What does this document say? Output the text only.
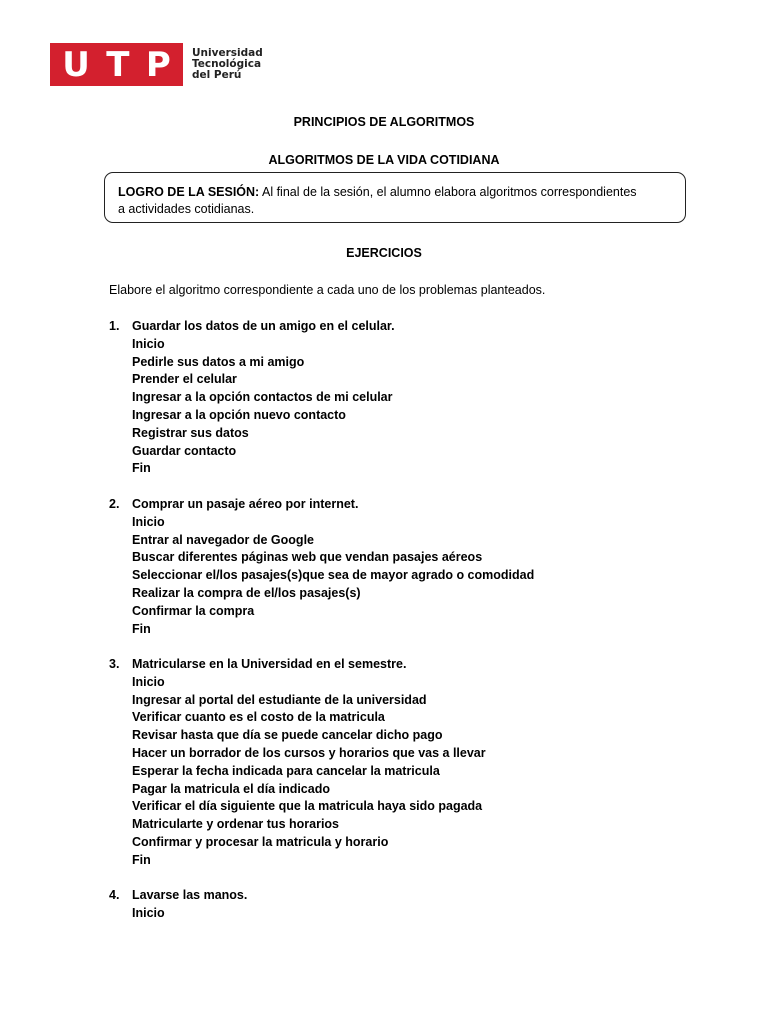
U T P Universidad
Tecnológica
del Perú
PRINCIPIOS DE ALGORITMOS
ALGORITMOS DE LA VIDA COTIDIANA
LOGRO DE LA SESIÓN: Al final de la sesión, el alumno elabora algoritmos correspondientes
a actividades cotidianas.
EJERCICIOS
Elabore el algoritmo correspondiente a cada uno de los problemas planteados.
1.	Guardar los datos de un amigo en el celular.
Inicio
Pedirle sus datos a mi amigo
Prender el celular
Ingresar a la opción contactos de mi celular
Ingresar a la opción nuevo contacto
Registrar sus datos
Guardar contacto
Fin
2.	Comprar un pasaje aéreo por internet.
Inicio
Entrar al navegador de Google
Buscar diferentes páginas web que vendan pasajes aéreos
Seleccionar el/los pasajes(s)que sea de mayor agrado o comodidad
Realizar la compra de el/los pasajes(s)
Confirmar la compra
Fin
3.	Matricularse en la Universidad en el semestre.
Inicio
Ingresar al portal del estudiante de la universidad
Verificar cuanto es el costo de la matricula
Revisar hasta que día se puede cancelar dicho pago
Hacer un borrador de los cursos y horarios que vas a llevar
Esperar la fecha indicada para cancelar la matricula
Pagar la matricula el día indicado
Verificar el día siguiente que la matricula haya sido pagada
Matricularte y ordenar tus horarios
Confirmar y procesar la matricula y horario
Fin
4.	Lavarse las manos.
Inicio
